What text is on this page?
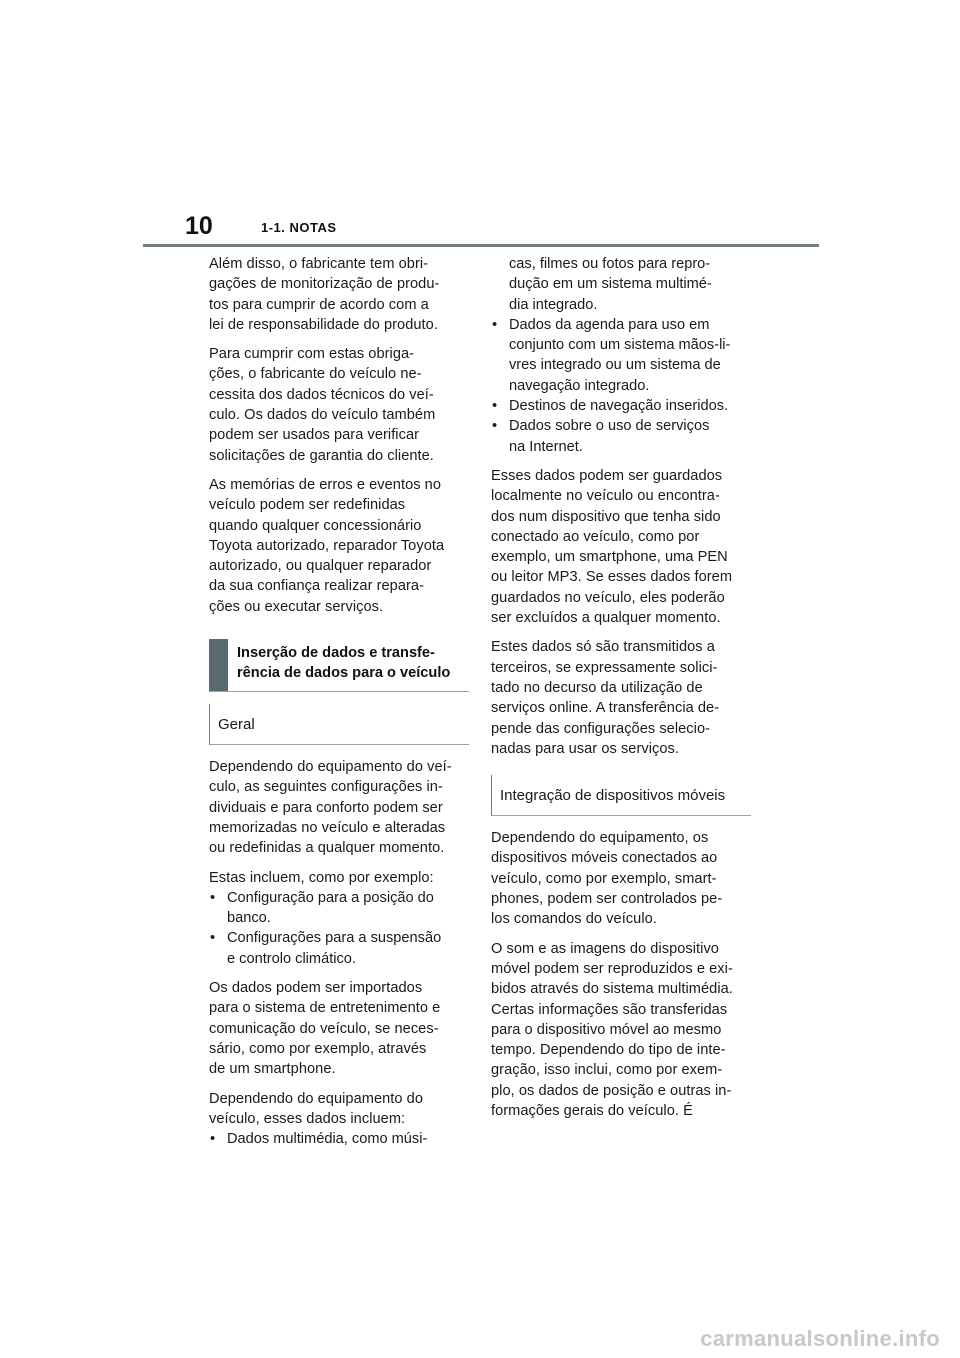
10	1-1. NOTAS

Além disso, o fabricante tem obri-
gações de monitorização de produ-
tos para cumprir de acordo com a
lei de responsabilidade do produto.

Para cumprir com estas obriga-
ções, o fabricante do veículo ne-
cessita dos dados técnicos do veí-
culo. Os dados do veículo também
podem ser usados para verificar
solicitações de garantia do cliente.

As memórias de erros e eventos no
veículo podem ser redefinidas
quando qualquer concessionário
Toyota autorizado, reparador Toyota
autorizado, ou qualquer reparador
da sua confiança realizar repara-
ções ou executar serviços.

Inserção de dados e transfe-
rência de dados para o veículo
Geral

Dependendo do equipamento do veí-
culo, as seguintes configurações in-
dividuais e para conforto podem ser
memorizadas no veículo e alteradas
ou redefinidas a qualquer momento.

Estas incluem, como por exemplo:
• Configuração para a posição do
banco.
• Configurações para a suspensão
e controlo climático.

Os dados podem ser importados
para o sistema de entretenimento e
comunicação do veículo, se neces-
sário, como por exemplo, através
de um smartphone.

Dependendo do equipamento do
veículo, esses dados incluem:
• Dados multimédia, como músi-
cas, filmes ou fotos para repro-
dução em um sistema multimé-
dia integrado.
• Dados da agenda para uso em
conjunto com um sistema mãos-li-
vres integrado ou um sistema de
navegação integrado.
• Destinos de navegação inseridos.
• Dados sobre o uso de serviços
na Internet.

Esses dados podem ser guardados
localmente no veículo ou encontra-
dos num dispositivo que tenha sido
conectado ao veículo, como por
exemplo, um smartphone, uma PEN
ou leitor MP3. Se esses dados forem
guardados no veículo, eles poderão
ser excluídos a qualquer momento.

Estes dados só são transmitidos a
terceiros, se expressamente solici-
tado no decurso da utilização de
serviços online. A transferência de-
pende das configurações selecio-
nadas para usar os serviços.

Integração de dispositivos móveis

Dependendo do equipamento, os
dispositivos móveis conectados ao
veículo, como por exemplo, smart-
phones, podem ser controlados pe-
los comandos do veículo.

O som e as imagens do dispositivo
móvel podem ser reproduzidos e exi-
bidos através do sistema multimédia.
Certas informações são transferidas
para o dispositivo móvel ao mesmo
tempo. Dependendo do tipo de inte-
gração, isso inclui, como por exem-
plo, os dados de posição e outras in-
formações gerais do veículo. É

carmanualsonline.info
